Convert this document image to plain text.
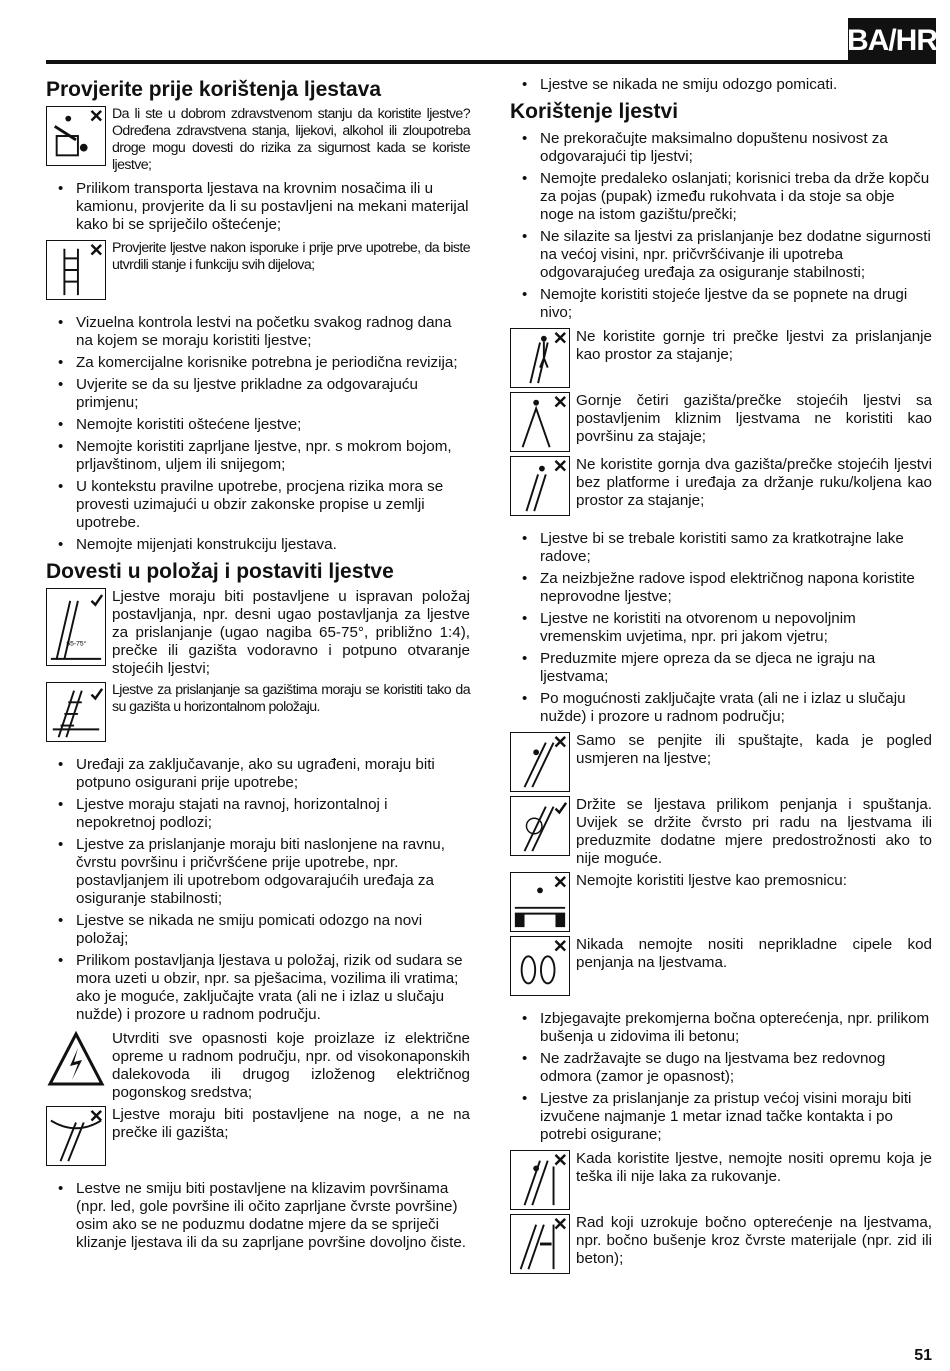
BA/HR
Provjerite prije korištenja ljestava
Da li ste u dobrom zdravstvenom stanju da koristite ljestve? Određena zdravstvena stanja, lijekovi, alkohol ili zloupotreba droge mogu dovesti do rizika za sigurnost kada se koriste ljestve;
• Prilikom transporta ljestava na krovnim nosačima ili u kamionu, provjerite da li su postavljeni na mekani materijal kako bi se spriječilo oštećenje;
Provjerite ljestve nakon isporuke i prije prve upotrebe, da biste utvrdili stanje i funkciju svih dijelova;
• Vizuelna kontrola lestvi na početku svakog radnog dana na kojem se moraju koristiti ljestve;
• Za komercijalne korisnike potrebna je periodična revizija;
• Uvjerite se da su ljestve prikladne za odgovarajuću primjenu;
• Nemojte koristiti oštećene ljestve;
• Nemojte koristiti zaprljane ljestve, npr. s mokrom bojom, prljavštinom, uljem ili snijegom;
• U kontekstu pravilne upotrebe, procjena rizika mora se provesti uzimajući u obzir zakonske propise u zemlji upotrebe.
• Nemojte mijenjati konstrukciju ljestava.
Dovesti u položaj i postaviti ljestve
65-75°
Ljestve moraju biti postavljene u ispravan položaj postavljanja, npr. desni ugao postavljanja za ljestve za prislanjanje (ugao nagiba 65-75°, približno 1:4), prečke ili gazišta vodoravno i potpuno otvaranje stojećih ljestvi;
Ljestve za prislanjanje sa gazištima moraju se koristiti tako da su gazišta u horizontalnom položaju.
• Uređaji za zaključavanje, ako su ugrađeni, moraju biti potpuno osigurani prije upotrebe;
• Ljestve moraju stajati na ravnoj, horizontalnoj i nepokretnoj podlozi;
• Ljestve za prislanjanje moraju biti naslonjene na ravnu, čvrstu površinu i pričvršćene prije upotrebe, npr. postavljanjem ili upotrebom odgovarajućih uređaja za osiguranje stabilnosti;
• Ljestve se nikada ne smiju pomicati odozgo na novi položaj;
• Prilikom postavljanja ljestava u položaj, rizik od sudara se mora uzeti u obzir, npr. sa pješacima, vozilima ili vratima; ako je moguće, zaključajte vrata (ali ne i izlaz u slučaju nužde) i prozore u radnom području.
Utvrditi sve opasnosti koje proizlaze iz električne opreme u radnom području, npr. od visokonaponskih dalekovoda ili drugog izloženog električnog pogonskog sredstva;
Ljestve moraju biti postavljene na noge, a ne na prečke ili gazišta;
• Lestve ne smiju biti postavljene na klizavim površinama (npr. led, gole površine ili očito zaprljane čvrste površine) osim ako se ne poduzmu dodatne mjere da se spriječi klizanje ljestava ili da su zaprljane površine dovoljno čiste.
• Ljestve se nikada ne smiju odozgo pomicati.
Korištenje ljestvi
• Ne prekoračujte maksimalno dopuštenu nosivost za odgovarajući tip ljestvi;
• Nemojte predaleko oslanjati; korisnici treba da drže kopču za pojas (pupak) između rukohvata i da stoje sa obje noge na istom gazištu/prečki;
• Ne silazite sa ljestvi za prislanjanje bez dodatne sigurnosti na većoj visini, npr. pričvršćivanje ili upotreba odgovarajućeg uređaja za osiguranje stabilnosti;
• Nemojte koristiti stojeće ljestve da se popnete na drugi nivo;
Ne koristite gornje tri prečke ljestvi za prislanjanje kao prostor za stajanje;
Gornje četiri gazišta/prečke stojećih ljestvi sa postavljenim kliznim ljestvama ne koristiti kao površinu za stajaje;
Ne koristite gornja dva gazišta/prečke stojećih ljestvi bez platforme i uređaja za držanje ruku/koljena kao prostor za stajanje;
• Ljestve bi se trebale koristiti samo za kratkotrajne lake radove;
• Za neizbježne radove ispod električnog napona koristite neprovodne ljestve;
• Ljestve ne koristiti na otvorenom u nepovoljnim vremenskim uvjetima, npr. pri jakom vjetru;
• Preduzmite mjere opreza da se djeca ne igraju na ljestvama;
• Po mogućnosti zaključajte vrata (ali ne i izlaz u slučaju nužde) i prozore u radnom području;
Samo se penjite ili spuštajte, kada je pogled usmjeren na ljestve;
Držite se ljestava prilikom penjanja i spuštanja. Uvijek se držite čvrsto pri radu na ljestvama ili preduzmite dodatne mjere predostrožnosti ako to nije moguće.
Nemojte koristiti ljestve kao premosnicu:
Nikada nemojte nositi neprikladne cipele kod penjanja na ljestvama.
• Izbjegavajte prekomjerna bočna opterećenja, npr. prilikom bušenja u zidovima ili betonu;
• Ne zadržavajte se dugo na ljestvama bez redovnog odmora (zamor je opasnost);
• Ljestve za prislanjanje za pristup većoj visini moraju biti izvučene najmanje 1 metar iznad tačke kontakta i po potrebi osigurane;
Kada koristite ljestve, nemojte nositi opremu koja je teška ili nije laka za rukovanje.
Rad koji uzrokuje bočno opterećenje na ljestvama, npr. bočno bušenje kroz čvrste materijale (npr. zid ili beton);
51
